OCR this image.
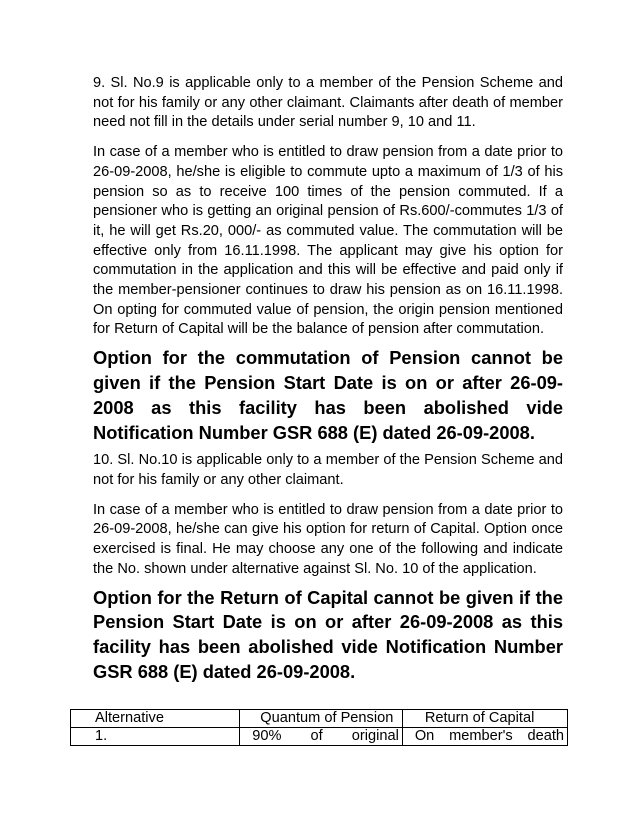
9. Sl. No.9 is applicable only to a member of the Pension Scheme and not for his family or any other claimant. Claimants after death of member need not fill in the details under serial number 9, 10 and 11.

In case of a member who is entitled to draw pension from a date prior to 26-09-2008, he/she is eligible to commute upto a maximum of 1/3 of his pension so as to receive 100 times of the pension commuted. If a pensioner who is getting an original pension of Rs.600/-commutes 1/3 of it, he will get Rs.20, 000/- as commuted value. The commutation will be effective only from 16.11.1998. The applicant may give his option for commutation in the application and this will be effective and paid only if the member-pensioner continues to draw his pension as on 16.11.1998. On opting for commuted value of pension, the origin pension mentioned for Return of Capital will be the balance of pension after commutation.

Option for the commutation of Pension cannot be given if the Pension Start Date is on or after 26-09-2008 as this facility has been abolished vide Notification Number GSR 688 (E) dated 26-09-2008.

10. Sl. No.10 is applicable only to a member of the Pension Scheme and not for his family or any other claimant.

In case of a member who is entitled to draw pension from a date prior to 26-09-2008, he/she can give his option for return of Capital. Option once exercised is final. He may choose any one of the following and indicate the No. shown under alternative against Sl. No. 10 of the application.

Option for the Return of Capital cannot be given if the Pension Start Date is on or after 26-09-2008 as this facility has been abolished vide Notification Number GSR 688 (E) dated 26-09-2008.

Alternative	Quantum of Pension	Return of Capital
1.	90% of original	On member's death
